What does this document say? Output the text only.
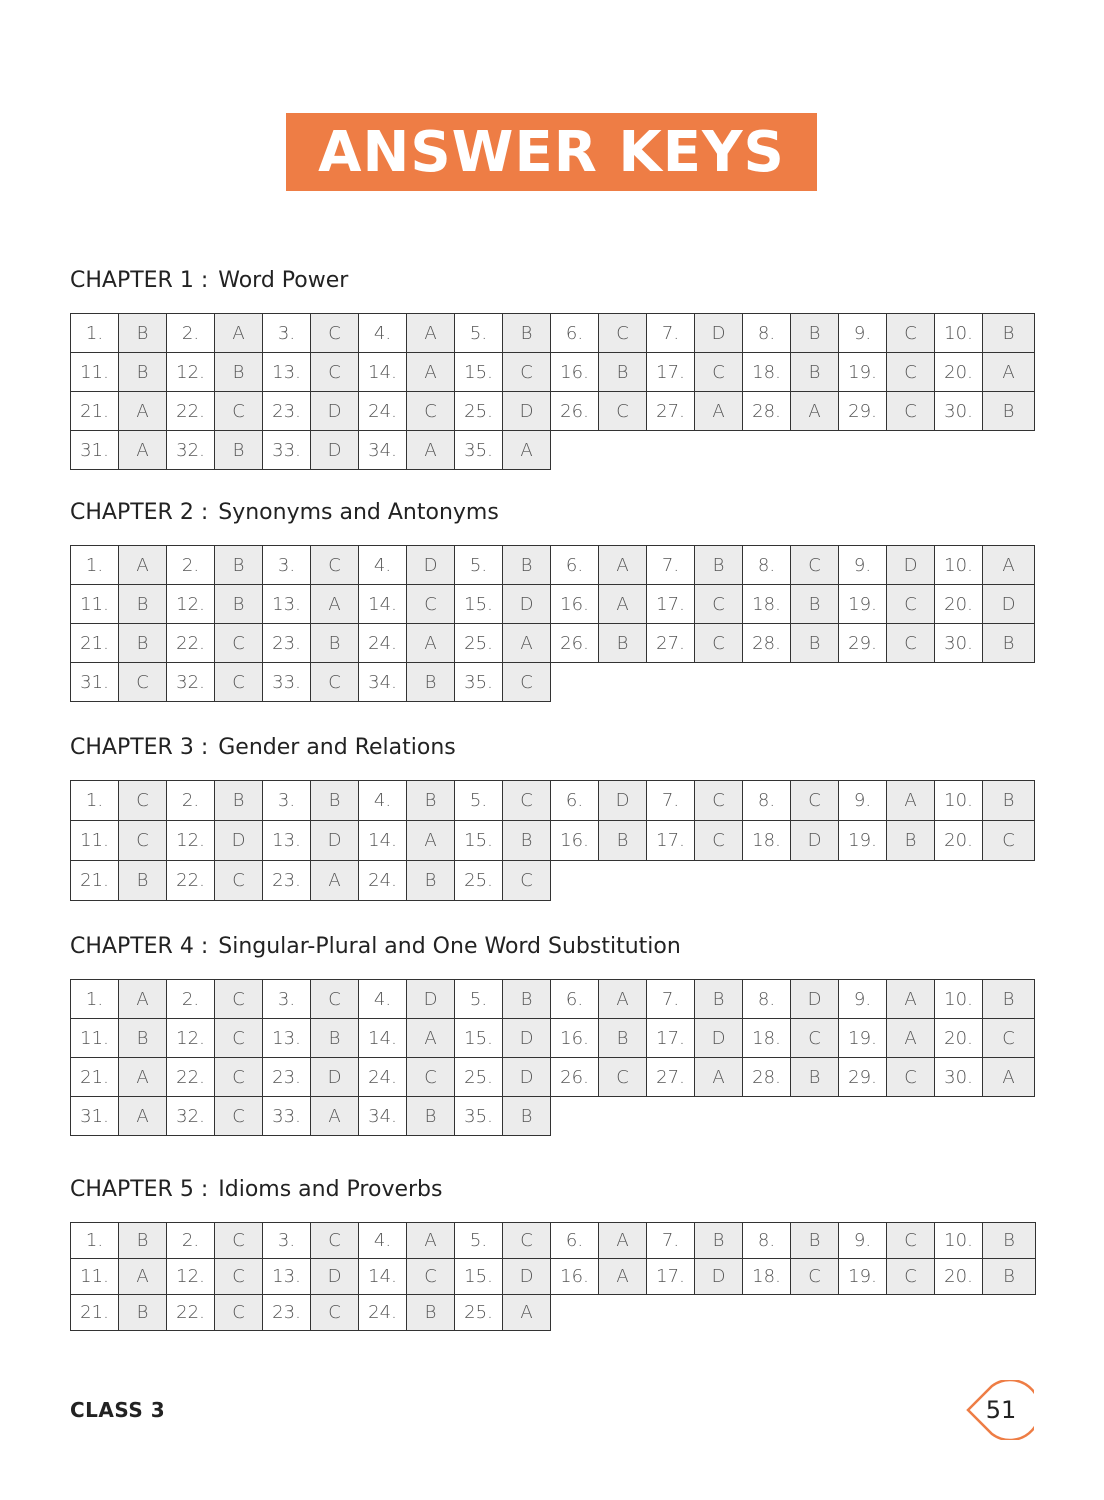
ANSWER KEYS
CHAPTER 1 : Word Power
1.	B	2.	A	3.	C	4.	A	5.	B	6.	C	7.	D	8.	B	9.	C	10.	B
11.	B	12.	B	13.	C	14.	A	15.	C	16.	B	17.	C	18.	B	19.	C	20.	A
21.	A	22.	C	23.	D	24.	C	25.	D	26.	C	27.	A	28.	A	29.	C	30.	B
31.	A	32.	B	33.	D	34.	A	35.	A										
CHAPTER 2 : Synonyms and Antonyms
1.	A	2.	B	3.	C	4.	D	5.	B	6.	A	7.	B	8.	C	9.	D	10.	A
11.	B	12.	B	13.	A	14.	C	15.	D	16.	A	17.	C	18.	B	19.	C	20.	D
21.	B	22.	C	23.	B	24.	A	25.	A	26.	B	27.	C	28.	B	29.	C	30.	B
31.	C	32.	C	33.	C	34.	B	35.	C										
CHAPTER 3 : Gender and Relations
1.	C	2.	B	3.	B	4.	B	5.	C	6.	D	7.	C	8.	C	9.	A	10.	B
11.	C	12.	D	13.	D	14.	A	15.	B	16.	B	17.	C	18.	D	19.	B	20.	C
21.	B	22.	C	23.	A	24.	B	25.	C										
CHAPTER 4 : Singular-Plural and One Word Substitution
1.	A	2.	C	3.	C	4.	D	5.	B	6.	A	7.	B	8.	D	9.	A	10.	B
11.	B	12.	C	13.	B	14.	A	15.	D	16.	B	17.	D	18.	C	19.	A	20.	C
21.	A	22.	C	23.	D	24.	C	25.	D	26.	C	27.	A	28.	B	29.	C	30.	A
31.	A	32.	C	33.	A	34.	B	35.	B										
CHAPTER 5 : Idioms and Proverbs
1.	B	2.	C	3.	C	4.	A	5.	C	6.	A	7.	B	8.	B	9.	C	10.	B
11.	A	12.	C	13.	D	14.	C	15.	D	16.	A	17.	D	18.	C	19.	C	20.	B
21.	B	22.	C	23.	C	24.	B	25.	A										
CLASS 3	51
